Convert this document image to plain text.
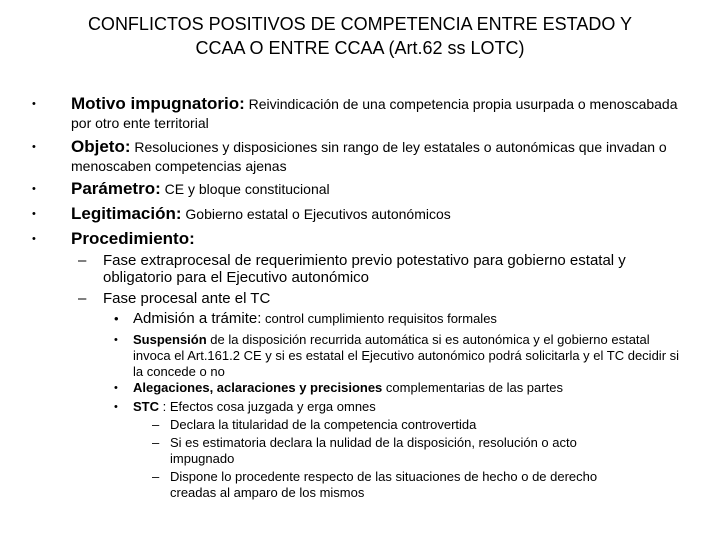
CONFLICTOS POSITIVOS DE COMPETENCIA ENTRE ESTADO Y
CCAA O ENTRE CCAA (Art.62 ss LOTC)
• Motivo impugnatorio: Reivindicación de una competencia propia usurpada o menoscabada por otro ente territorial
• Objeto: Resoluciones y disposiciones sin rango de ley estatales o autonómicas que invadan o menoscaben competencias ajenas
• Parámetro: CE y bloque constitucional
• Legitimación: Gobierno estatal o Ejecutivos autonómicos
• Procedimiento:
– Fase extraprocesal de requerimiento previo potestativo para gobierno estatal y obligatorio para el Ejecutivo autonómico
– Fase procesal ante el TC
• Admisión a trámite: control cumplimiento requisitos formales
• Suspensión de la disposición recurrida automática si es autonómica y el gobierno estatal invoca el Art.161.2 CE y si es estatal el Ejecutivo autonómico podrá solicitarla y el TC decidir si la concede o no
• Alegaciones, aclaraciones y precisiones complementarias de las partes
• STC : Efectos cosa juzgada y erga omnes
– Declara la titularidad de la competencia controvertida
– Si es estimatoria declara la nulidad de la disposición, resolución o acto impugnado
– Dispone lo procedente respecto de las situaciones de hecho o de derecho creadas al amparo de los mismos
